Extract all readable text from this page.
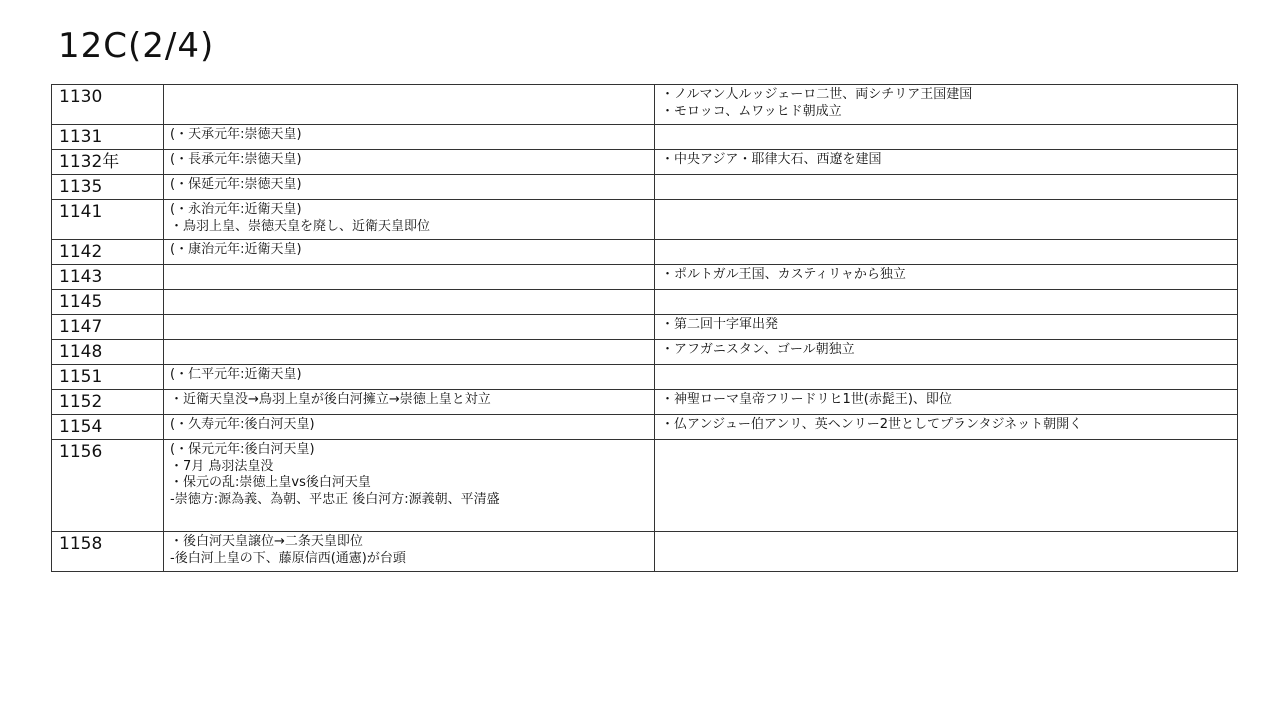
12C(2/4)
1130		・ノルマン人ルッジェーロ二世、両シチリア王国建国
・モロッコ、ムワッヒド朝成立

1131	(・天承元年:崇徳天皇)	

1132年	(・長承元年:崇徳天皇)	・中央アジア・耶律大石、西遼を建国

1135	(・保延元年:崇徳天皇)	

1141	(・永治元年:近衛天皇)
・鳥羽上皇、崇徳天皇を廃し、近衛天皇即位	

1142	(・康治元年:近衛天皇)	

1143		・ポルトガル王国、カスティリャから独立

1145		
1147		・第二回十字軍出発

1148		・アフガニスタン、ゴール朝独立

1151	(・仁平元年:近衛天皇)	

1152	・近衛天皇没→鳥羽上皇が後白河擁立→崇徳上皇と対立	・神聖ローマ皇帝フリードリヒ1世(赤髭王)、即位

1154	(・久寿元年:後白河天皇)	・仏アンジュー伯アンリ、英ヘンリー2世としてプランタジネット朝開く

1156	(・保元元年:後白河天皇)
・7月 鳥羽法皇没
・保元の乱:崇徳上皇vs後白河天皇
-崇徳方:源為義、為朝、平忠正 後白河方:源義朝、平清盛	

1158	・後白河天皇譲位→二条天皇即位
-後白河上皇の下、藤原信西(通憲)が台頭	
